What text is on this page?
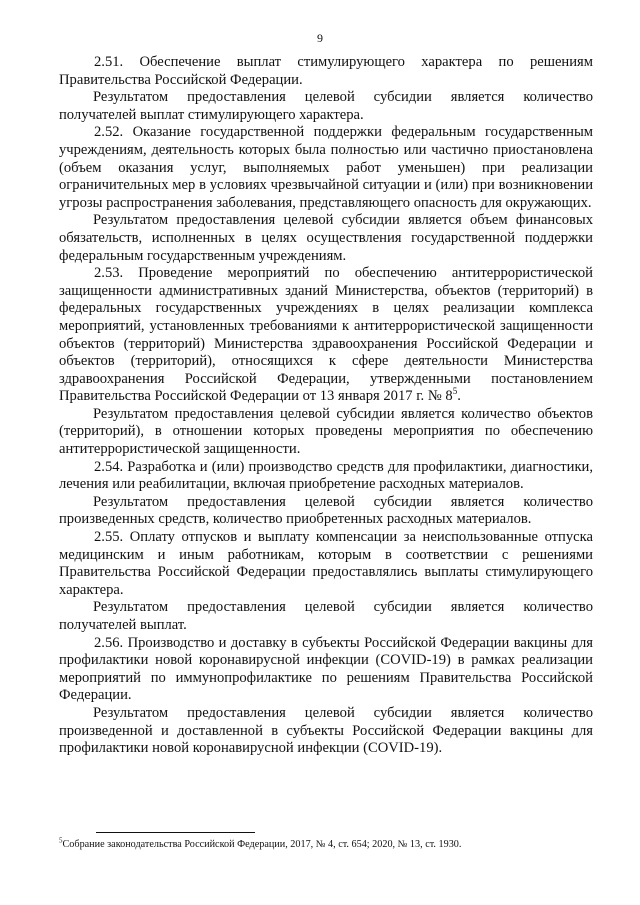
9

2.51. Обеспечение выплат стимулирующего характера по решениям Правительства Российской Федерации.

Результатом предоставления целевой субсидии является количество получателей выплат стимулирующего характера.

2.52. Оказание государственной поддержки федеральным государственным учреждениям, деятельность которых была полностью или частично приостановлена (объем оказания услуг, выполняемых работ уменьшен) при реализации ограничительных мер в условиях чрезвычайной ситуации и (или) при возникновении угрозы распространения заболевания, представляющего опасность для окружающих.

Результатом предоставления целевой субсидии является объем финансовых обязательств, исполненных в целях осуществления государственной поддержки федеральным государственным учреждениям.

2.53. Проведение мероприятий по обеспечению антитеррористической защищенности административных зданий Министерства, объектов (территорий) в федеральных государственных учреждениях в целях реализации комплекса мероприятий, установленных требованиями к антитеррористической защищенности объектов (территорий) Министерства здравоохранения Российской Федерации и объектов (территорий), относящихся к сфере деятельности Министерства здравоохранения Российской Федерации, утвержденными постановлением Правительства Российской Федерации от 13 января 2017 г. № $8^5$.

Результатом предоставления целевой субсидии является количество объектов (территорий), в отношении которых проведены мероприятия по обеспечению антитеррористической защищенности.

2.54. Разработка и (или) производство средств для профилактики, диагностики, лечения или реабилитации, включая приобретение расходных материалов.

Результатом предоставления целевой субсидии является количество произведенных средств, количество приобретенных расходных материалов.

2.55. Оплату отпусков и выплату компенсации за неиспользованные отпуска медицинским и иным работникам, которым в соответствии с решениями Правительства Российской Федерации предоставлялись выплаты стимулирующего характера.

Результатом предоставления целевой субсидии является количество получателей выплат.

2.56. Производство и доставку в субъекты Российской Федерации вакцины для профилактики новой коронавирусной инфекции (COVID-19) в рамках реализации мероприятий по иммунопрофилактике по решениям Правительства Российской Федерации.

Результатом предоставления целевой субсидии является количество произведенной и доставленной в субъекты Российской Федерации вакцины для профилактики новой коронавирусной инфекции (COVID-19).

$^5$Собрание законодательства Российской Федерации, 2017, № 4, ст. 654; 2020, № 13, ст. 1930.
